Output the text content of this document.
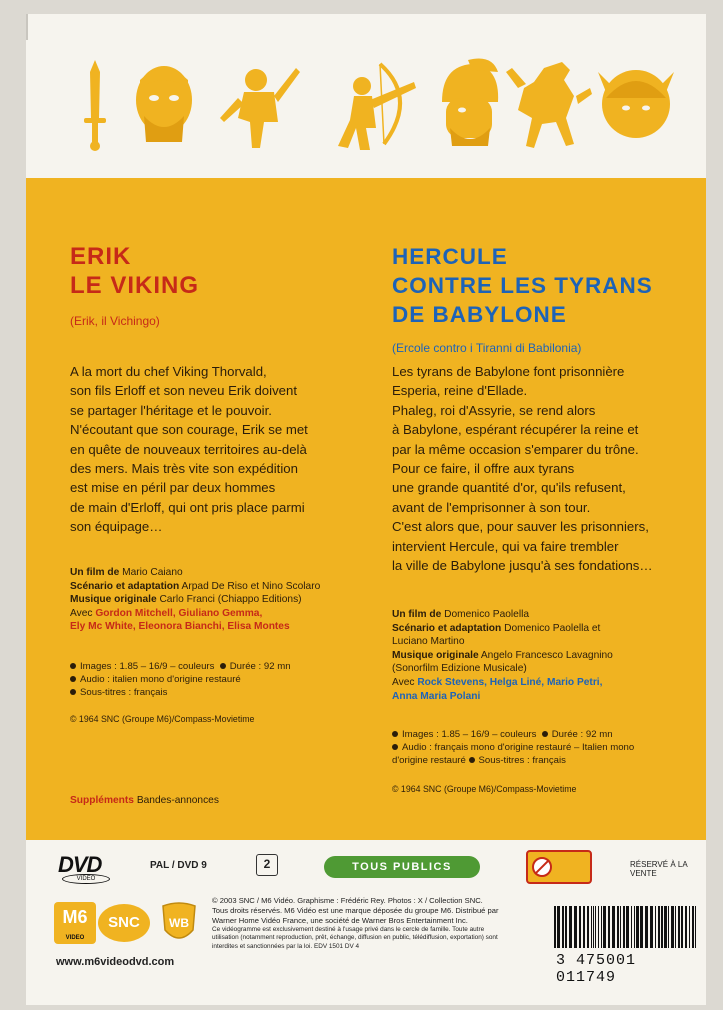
ERIK
LE VIKING
(Erik, il Vichingo)
A la mort du chef Viking Thorvald,
son fils Erloff et son neveu Erik doivent
se partager l'héritage et le pouvoir.
N'écoutant que son courage, Erik se met
en quête de nouveaux territoires au-delà
des mers. Mais très vite son expédition
est mise en péril par deux hommes
de main d'Erloff, qui ont pris place parmi
son équipage…
Un film de Mario Caiano
Scénario et adaptation Arpad De Riso et Nino Scolaro
Musique originale Carlo Franci (Chiappo Editions)
Avec Gordon Mitchell, Giuliano Gemma,
Ely Mc White, Eleonora Bianchi, Elisa Montes
Images : 1.85 – 16/9 – couleurs Durée : 92 mn
Audio : italien mono d'origine restauré
Sous-titres : français
© 1964 SNC (Groupe M6)/Compass-Movietime
Suppléments Bandes-annonces
HERCULE
CONTRE LES TYRANS
DE BABYLONE
(Ercole contro i Tiranni di Babilonia)
Les tyrans de Babylone font prisonnière
Esperia, reine d'Ellade.
Phaleg, roi d'Assyrie, se rend alors
à Babylone, espérant récupérer la reine et
par la même occasion s'emparer du trône.
Pour ce faire, il offre aux tyrans
une grande quantité d'or, qu'ils refusent,
avant de l'emprisonner à son tour.
C'est alors que, pour sauver les prisonniers,
intervient Hercule, qui va faire trembler
la ville de Babylone jusqu'à ses fondations…
Un film de Domenico Paolella
Scénario et adaptation Domenico Paolella et
Luciano Martino
Musique originale Angelo Francesco Lavagnino
(Sonorfilm Edizione Musicale)
Avec Rock Stevens, Helga Liné, Mario Petri,
Anna Maria Polani
Images : 1.85 – 16/9 – couleurs Durée : 92 mn
Audio : français mono d'origine restauré – Italien mono
d'origine restauré Sous-titres : français
© 1964 SNC (Groupe M6)/Compass-Movietime
DVD
VIDEO
PAL / DVD 9	2	TOUS PUBLICS	RÉSERVÉ À LA VENTE
M6
VIDEO
SNC	WB
© 2003 SNC / M6 Vidéo. Graphisme : Frédéric Rey. Photos : X / Collection SNC.
Tous droits réservés. M6 Vidéo est une marque déposée du groupe M6. Distribué par
Warner Home Vidéo France, une société de Warner Bros Entertainment Inc.
Ce vidéogramme est exclusivement destiné à l'usage privé dans le cercle de famille. Toute autre utilisation (notamment reproduction, prêt, échange, diffusion en public, télédiffusion, exportation) sont interdites et sanctionnées par la loi. EDV 1501 DV 4
www.m6videodvd.com	3 475001 011749
